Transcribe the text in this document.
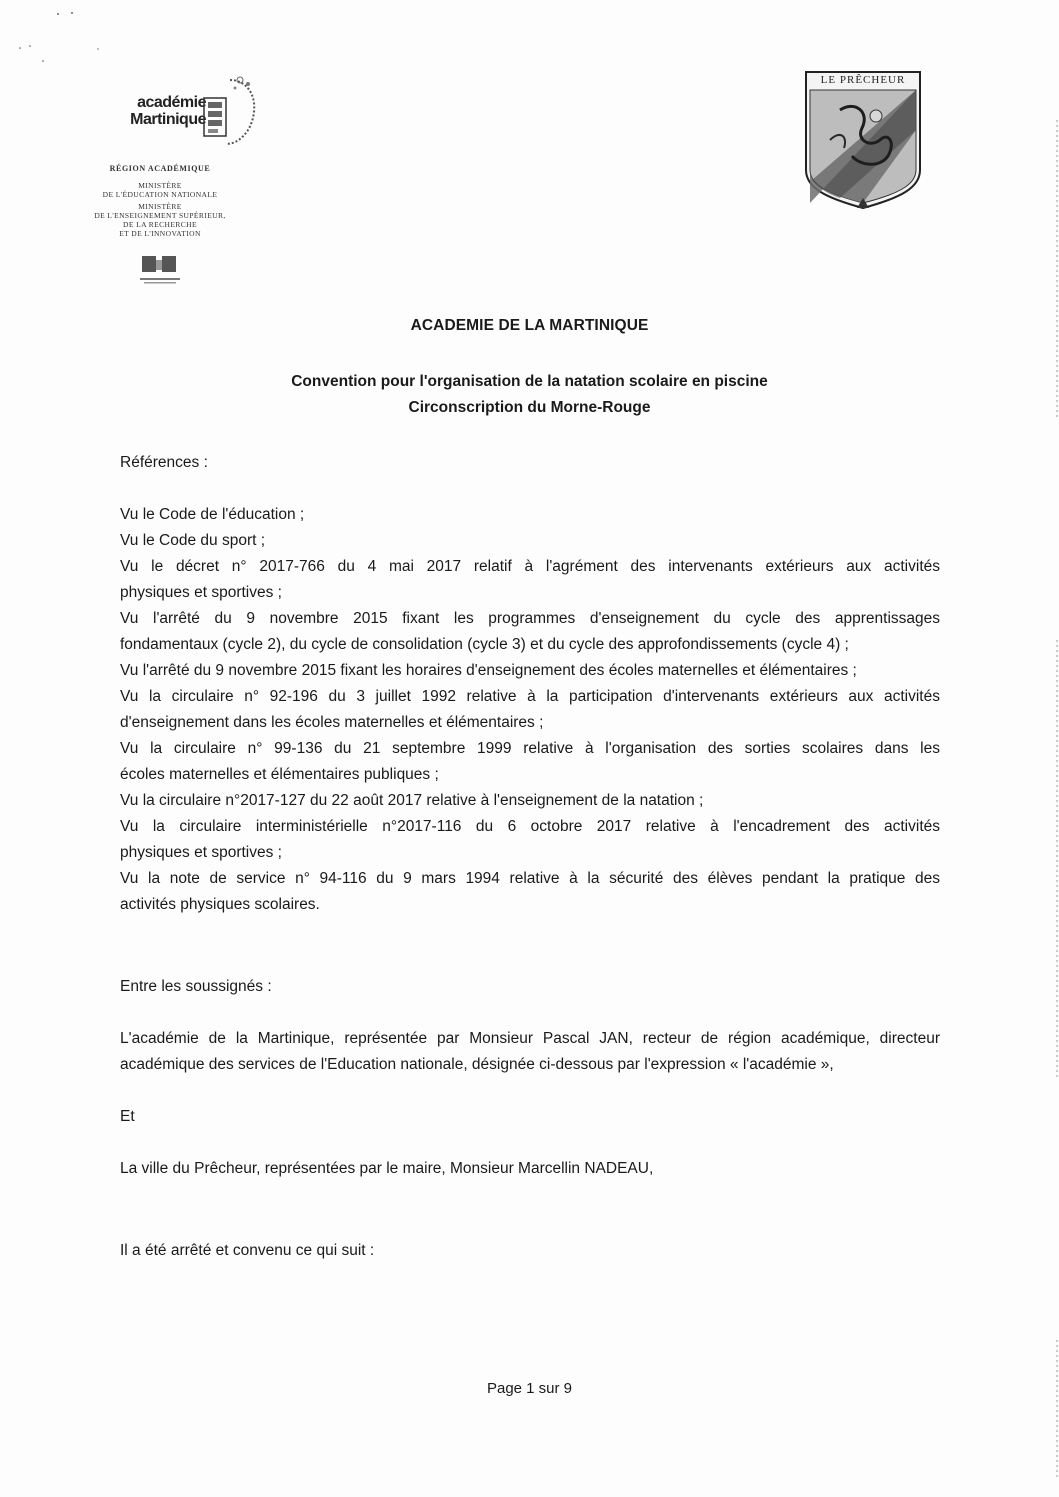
académie
Martinique
RÉGION ACADÉMIQUE
MINISTÈRE
DE L'ÉDUCATION NATIONALE
MINISTÈRE
DE L'ENSEIGNEMENT SUPÉRIEUR,
DE LA RECHERCHE
ET DE L'INNOVATION
LE PRÊCHEUR
ACADEMIE DE LA MARTINIQUE
Convention pour l'organisation de la natation scolaire en piscine
Circonscription du Morne-Rouge
Références :
Vu le Code de l'éducation ;
Vu le Code du sport ;
Vu le décret n° 2017-766 du 4 mai 2017 relatif à l'agrément des intervenants extérieurs aux activités
physiques et sportives ;
Vu l'arrêté du 9 novembre 2015 fixant les programmes d'enseignement du cycle des apprentissages
fondamentaux (cycle 2), du cycle de consolidation (cycle 3) et du cycle des approfondissements (cycle 4) ;
Vu l'arrêté du 9 novembre 2015 fixant les horaires d'enseignement des écoles maternelles et élémentaires ;
Vu la circulaire n° 92-196 du 3 juillet 1992 relative à la participation d'intervenants extérieurs aux activités
d'enseignement dans les écoles maternelles et élémentaires ;
Vu la circulaire n° 99-136 du 21 septembre 1999 relative à l'organisation des sorties scolaires dans les
écoles maternelles et élémentaires publiques ;
Vu la circulaire n°2017-127 du 22 août 2017 relative à l'enseignement de la natation ;
Vu la circulaire interministérielle n°2017-116 du 6 octobre 2017 relative à l'encadrement des activités
physiques et sportives ;
Vu la note de service n° 94-116 du 9 mars 1994 relative à la sécurité des élèves pendant la pratique des
activités physiques scolaires.
Entre les soussignés :
L'académie de la Martinique, représentée par Monsieur Pascal JAN, recteur de région académique, directeur
académique des services de l'Education nationale, désignée ci-dessous par l'expression « l'académie »,
Et
La ville du Prêcheur, représentées par le maire, Monsieur Marcellin NADEAU,
Il a été arrêté et convenu ce qui suit :
Page 1 sur 9
